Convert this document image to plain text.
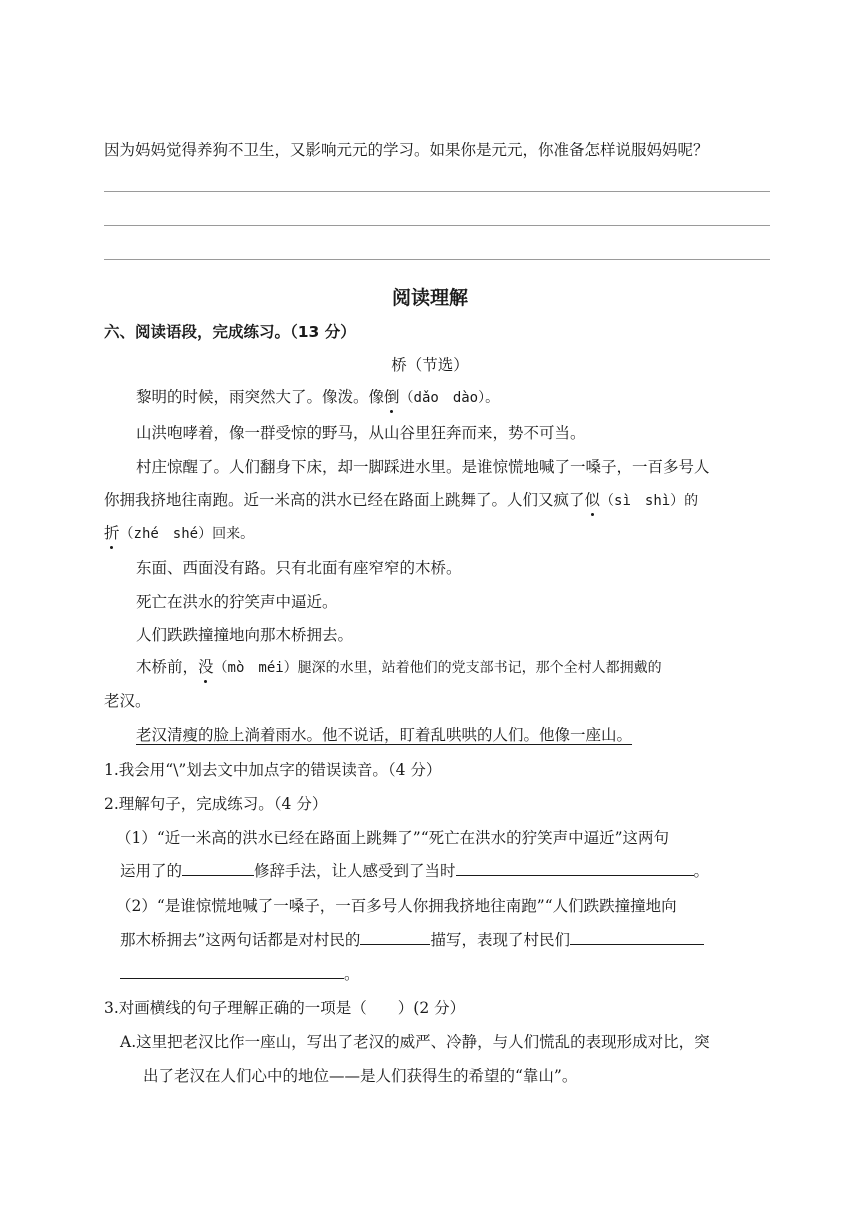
因为妈妈觉得养狗不卫生，又影响元元的学习。如果你是元元，你准备怎样说服妈妈呢？
阅读理解
六、阅读语段，完成练习。（13 分）
桥（节选）
黎明的时候，雨突然大了。像泼。像倒（dǎo　dào）。
山洪咆哮着，像一群受惊的野马，从山谷里狂奔而来，势不可当。
村庄惊醒了。人们翻身下床，却一脚踩进水里。是谁惊慌地喊了一嗓子，一百多号人
你拥我挤地往南跑。近一米高的洪水已经在路面上跳舞了。人们又疯了似（sì　shì）的
折（zhé　shé）回来。
东面、西面没有路。只有北面有座窄窄的木桥。
死亡在洪水的狞笑声中逼近。
人们跌跌撞撞地向那木桥拥去。
木桥前，没（mò　méi）腿深的水里，站着他们的党支部书记，那个全村人都拥戴的
老汉。
老汉清瘦的脸上淌着雨水。他不说话，盯着乱哄哄的人们。他像一座山。
1.我会用“\”划去文中加点字的错误读音。（4 分）
2.理解句子，完成练习。（4 分）
（1）“近一米高的洪水已经在路面上跳舞了”“死亡在洪水的狞笑声中逼近”这两句
运用了的	修辞手法，让人感受到了当时	。
（2）“是谁惊慌地喊了一嗓子，一百多号人你拥我挤地往南跑”“人们跌跌撞撞地向
那木桥拥去”这两句话都是对村民的	描写，表现了村民们
。
3.对画横线的句子理解正确的一项是（　　）(2 分）
A.这里把老汉比作一座山，写出了老汉的威严、冷静，与人们慌乱的表现形成对比，突
出了老汉在人们心中的地位——是人们获得生的希望的“靠山”。
